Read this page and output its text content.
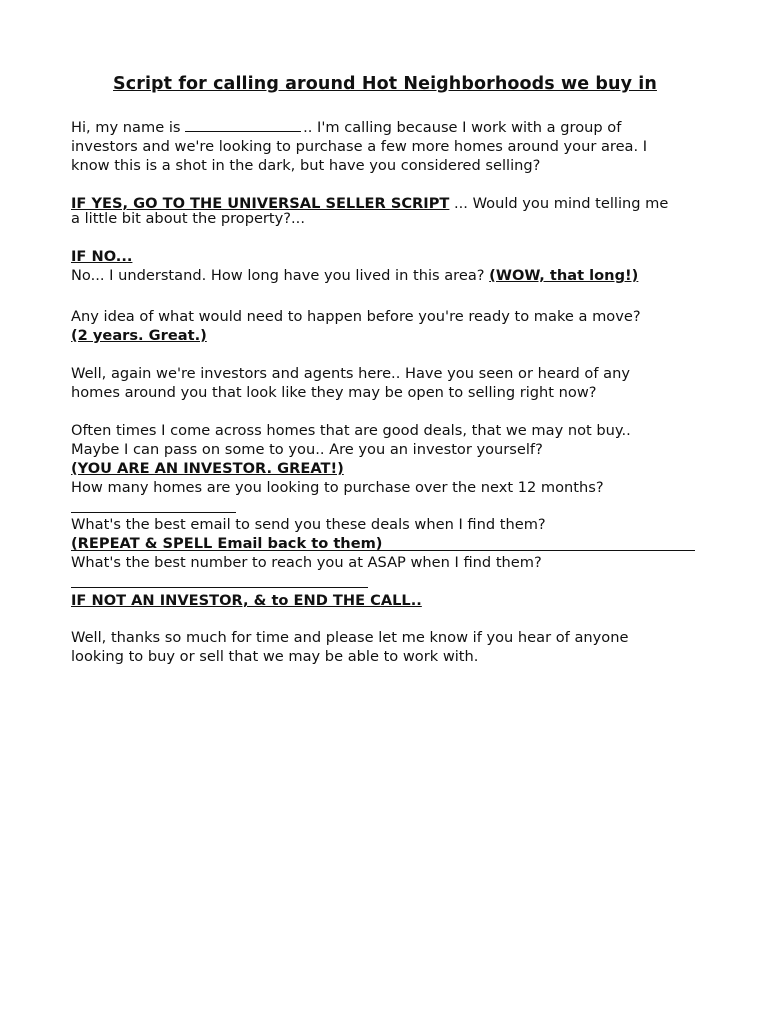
Script for calling around Hot Neighborhoods we buy in
Hi, my name is	.. I'm calling because I work with a group of
investors and we're looking to purchase a few more homes around your area. I
know this is a shot in the dark, but have you considered selling?
IF YES, GO TO THE UNIVERSAL SELLER SCRIPT ... Would you mind telling me
a little bit about the property?...
IF NO...
No... I understand. How long have you lived in this area? (WOW, that long!)
Any idea of what would need to happen before you're ready to make a move?
(2 years. Great.)
Well, again we're investors and agents here.. Have you seen or heard of any
homes around you that look like they may be open to selling right now?
Often times I come across homes that are good deals, that we may not buy..
Maybe I can pass on some to you.. Are you an investor yourself?
(YOU ARE AN INVESTOR. GREAT!)
How many homes are you looking to purchase over the next 12 months?
What's the best email to send you these deals when I find them?
(REPEAT & SPELL Email back to them)
What's the best number to reach you at ASAP when I find them?
IF NOT AN INVESTOR, & to END THE CALL..
Well, thanks so much for time and please let me know if you hear of anyone
looking to buy or sell that we may be able to work with.
